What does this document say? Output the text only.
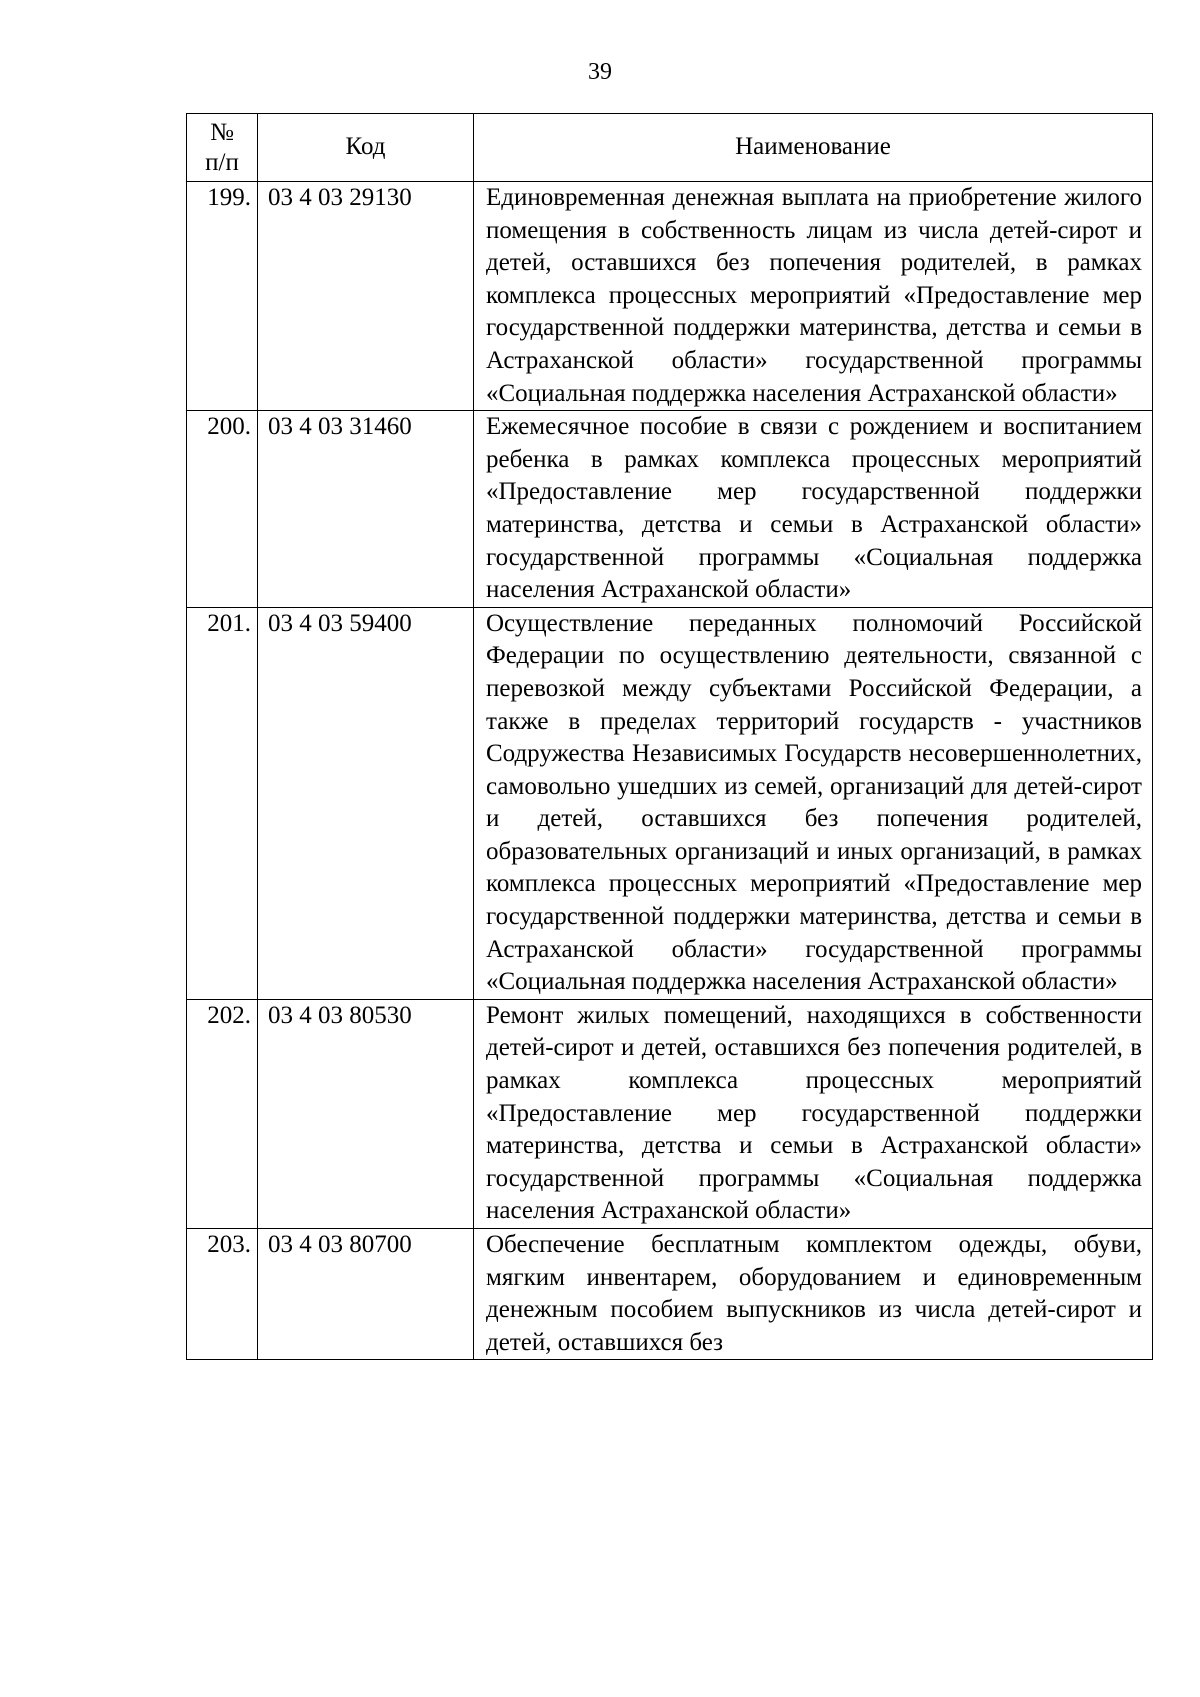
39
№
п/п	Код	Наименование
199.	03 4 03 29130	Единовременная денежная выплата на приобретение жилого помещения в собственность лицам из числа детей-сирот и детей, оставшихся без попечения родителей, в рамках комплекса процессных мероприятий «Предоставление мер государственной поддержки материнства, детства и семьи в Астраханской области» государственной программы «Социальная поддержка населения Астраханской области»
200.	03 4 03 31460	Ежемесячное пособие в связи с рождением и воспитанием ребенка в рамках комплекса процессных мероприятий «Предоставление мер государственной поддержки материнства, детства и семьи в Астраханской области» государственной программы «Социальная поддержка населения Астраханской области»
201.	03 4 03 59400	Осуществление переданных полномочий Российской Федерации по осуществлению деятельности, связанной с перевозкой между субъектами Российской Федерации, а также в пределах территорий государств - участников Содружества Независимых Государств несовершеннолетних, самовольно ушедших из семей, организаций для детей-сирот и детей, оставшихся без попечения родителей, образовательных организаций и иных организаций, в рамках комплекса процессных мероприятий «Предоставление мер государственной поддержки материнства, детства и семьи в Астраханской области» государственной программы «Социальная поддержка населения Астраханской области»
202.	03 4 03 80530	Ремонт жилых помещений, находящихся в собственности детей-сирот и детей, оставшихся без попечения родителей, в рамках комплекса процессных мероприятий «Предоставление мер государственной поддержки материнства, детства и семьи в Астраханской области» государственной программы «Социальная поддержка населения Астраханской области»
203.	03 4 03 80700	Обеспечение бесплатным комплектом одежды, обуви, мягким инвентарем, оборудованием и единовременным денежным пособием выпускников из числа детей-сирот и детей, оставшихся без
